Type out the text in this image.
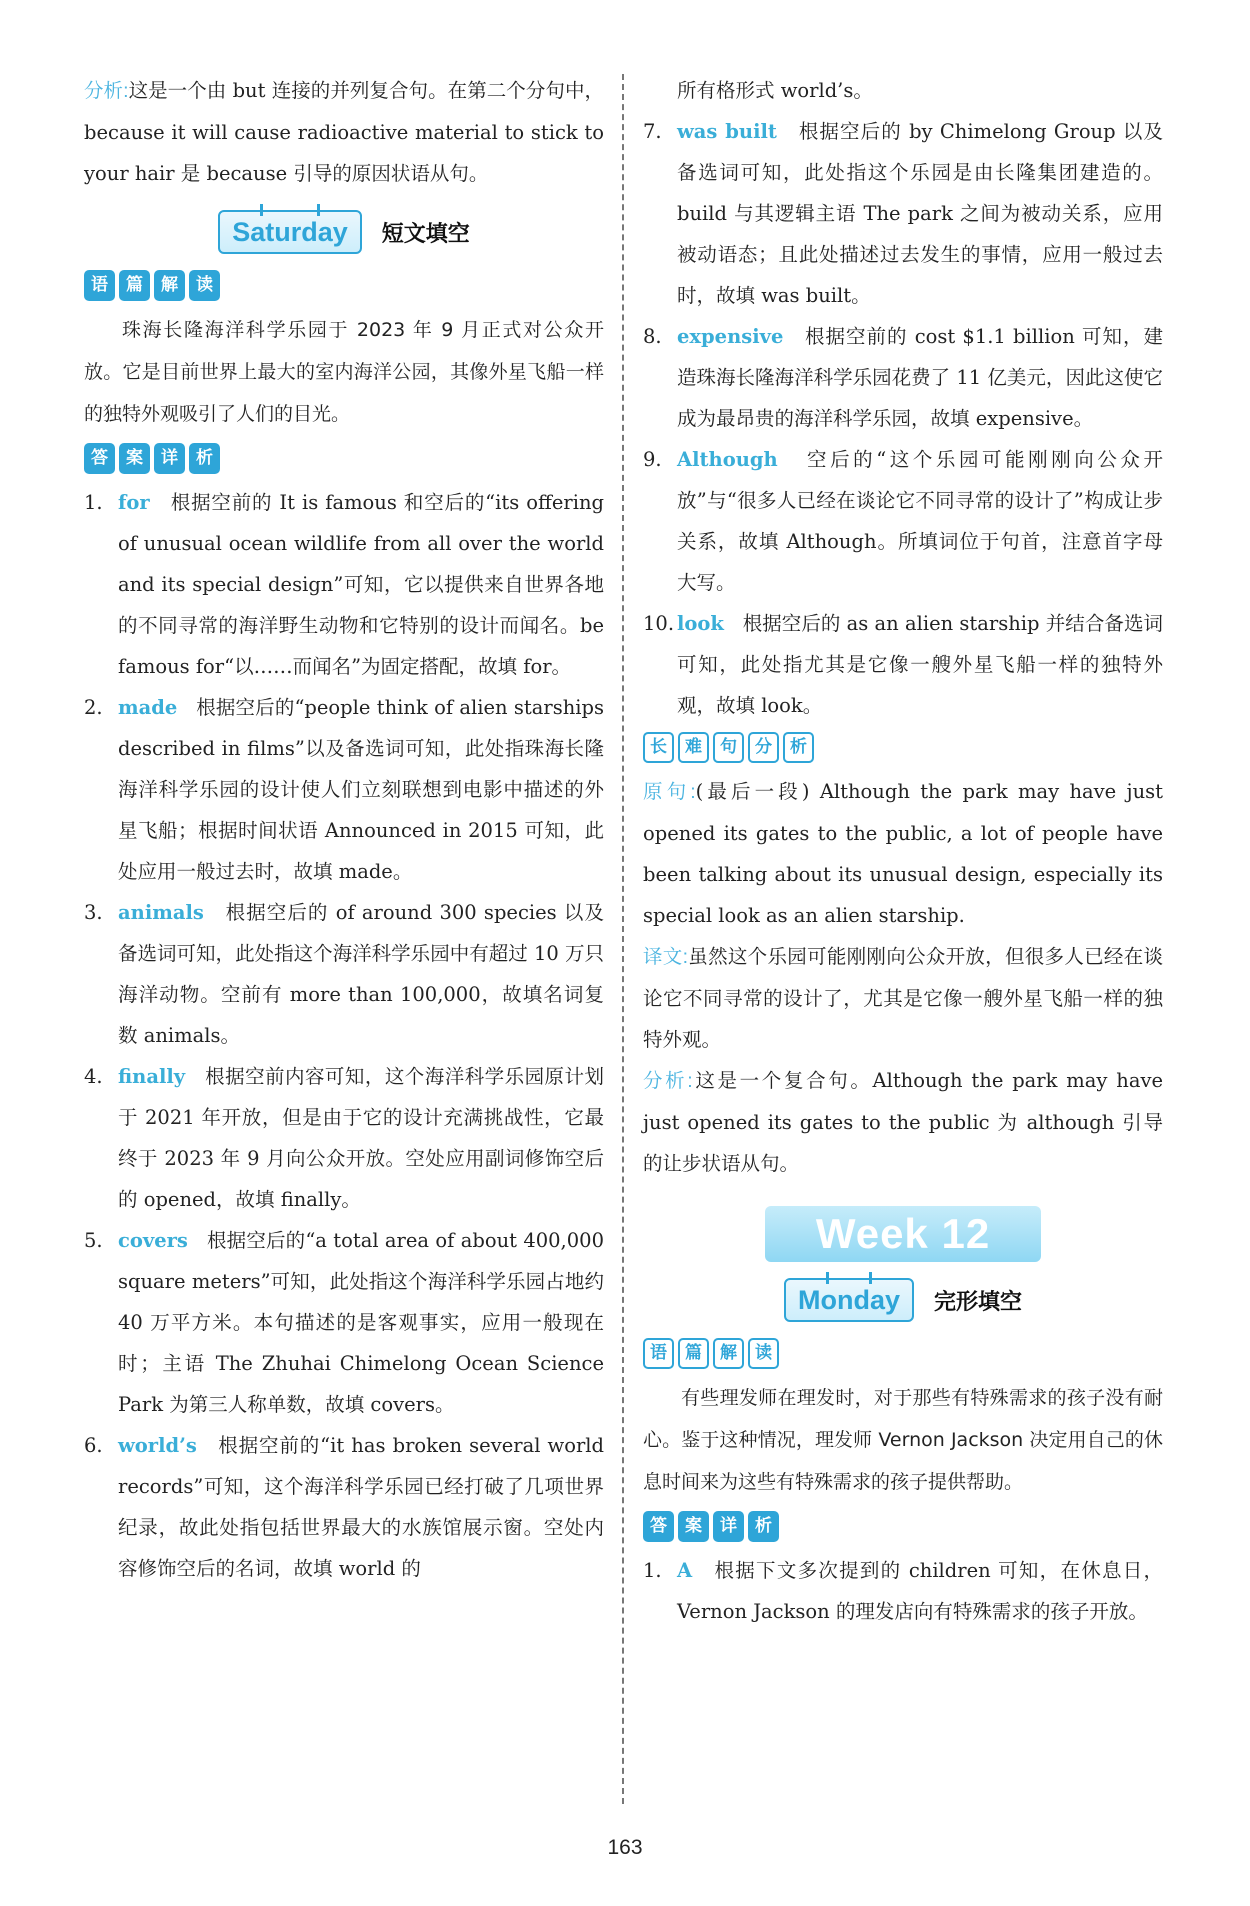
分析:这是一个由 but 连接的并列复合句。在第二个分句中，because it will cause radioactive material to stick to your hair 是 because 引导的原因状语从句。

Saturday	短文填空
语	篇	解	读

珠海长隆海洋科学乐园于 2023 年 9 月正式对公众开放。它是目前世界上最大的室内海洋公园，其像外星飞船一样的独特外观吸引了人们的目光。

答	案	详	析
1. for 根据空前的 It is famous 和空后的“its offering of unusual ocean wildlife from all over the world and its special design”可知，它以提供来自世界各地的不同寻常的海洋野生动物和它特别的设计而闻名。be famous for“以……而闻名”为固定搭配，故填 for。

2. made 根据空后的“people think of alien starships described in films”以及备选词可知，此处指珠海长隆海洋科学乐园的设计使人们立刻联想到电影中描述的外星飞船；根据时间状语 Announced in 2015 可知，此处应用一般过去时，故填 made。

3. animals 根据空后的 of around 300 species 以及备选词可知，此处指这个海洋科学乐园中有超过 10 万只海洋动物。空前有 more than 100,000，故填名词复数 animals。

4. finally 根据空前内容可知，这个海洋科学乐园原计划于 2021 年开放，但是由于它的设计充满挑战性，它最终于 2023 年 9 月向公众开放。空处应用副词修饰空后的 opened，故填 finally。

5. covers 根据空后的“a total area of about 400,000 square meters”可知，此处指这个海洋科学乐园占地约 40 万平方米。本句描述的是客观事实，应用一般现在时；主语 The Zhuhai Chimelong Ocean Science Park 为第三人称单数，故填 covers。

6. world’s 根据空前的“it has broken several world records”可知，这个海洋科学乐园已经打破了几项世界纪录，故此处指包括世界最大的水族馆展示窗。空处内容修饰空后的名词，故填 world 的

所有格形式 world’s。

7. was built 根据空后的 by Chimelong Group 以及备选词可知，此处指这个乐园是由长隆集团建造的。build 与其逻辑主语 The park 之间为被动关系，应用被动语态；且此处描述过去发生的事情，应用一般过去时，故填 was built。

8. expensive 根据空前的 cost $1.1 billion 可知，建造珠海长隆海洋科学乐园花费了 11 亿美元，因此这使它成为最昂贵的海洋科学乐园，故填 expensive。

9. Although 空后的“这个乐园可能刚刚向公众开放”与“很多人已经在谈论它不同寻常的设计了”构成让步关系，故填 Although。所填词位于句首，注意首字母大写。

10. look 根据空后的 as an alien starship 并结合备选词可知，此处指尤其是它像一艘外星飞船一样的独特外观，故填 look。

长	难	句	分	析

原句:(最后一段) Although the park may have just opened its gates to the public, a lot of people have been talking about its unusual design, especially its special look as an alien starship.

译文:虽然这个乐园可能刚刚向公众开放，但很多人已经在谈论它不同寻常的设计了，尤其是它像一艘外星飞船一样的独特外观。

分析:这是一个复合句。Although the park may have just opened its gates to the public 为 although 引导的让步状语从句。

Week 12
Monday	完形填空
语	篇	解	读

有些理发师在理发时，对于那些有特殊需求的孩子没有耐心。鉴于这种情况，理发师 Vernon Jackson 决定用自己的休息时间来为这些有特殊需求的孩子提供帮助。

答	案	详	析
1. A 根据下文多次提到的 children 可知，在休息日，Vernon Jackson 的理发店向有特殊需求的孩子开放。

163
